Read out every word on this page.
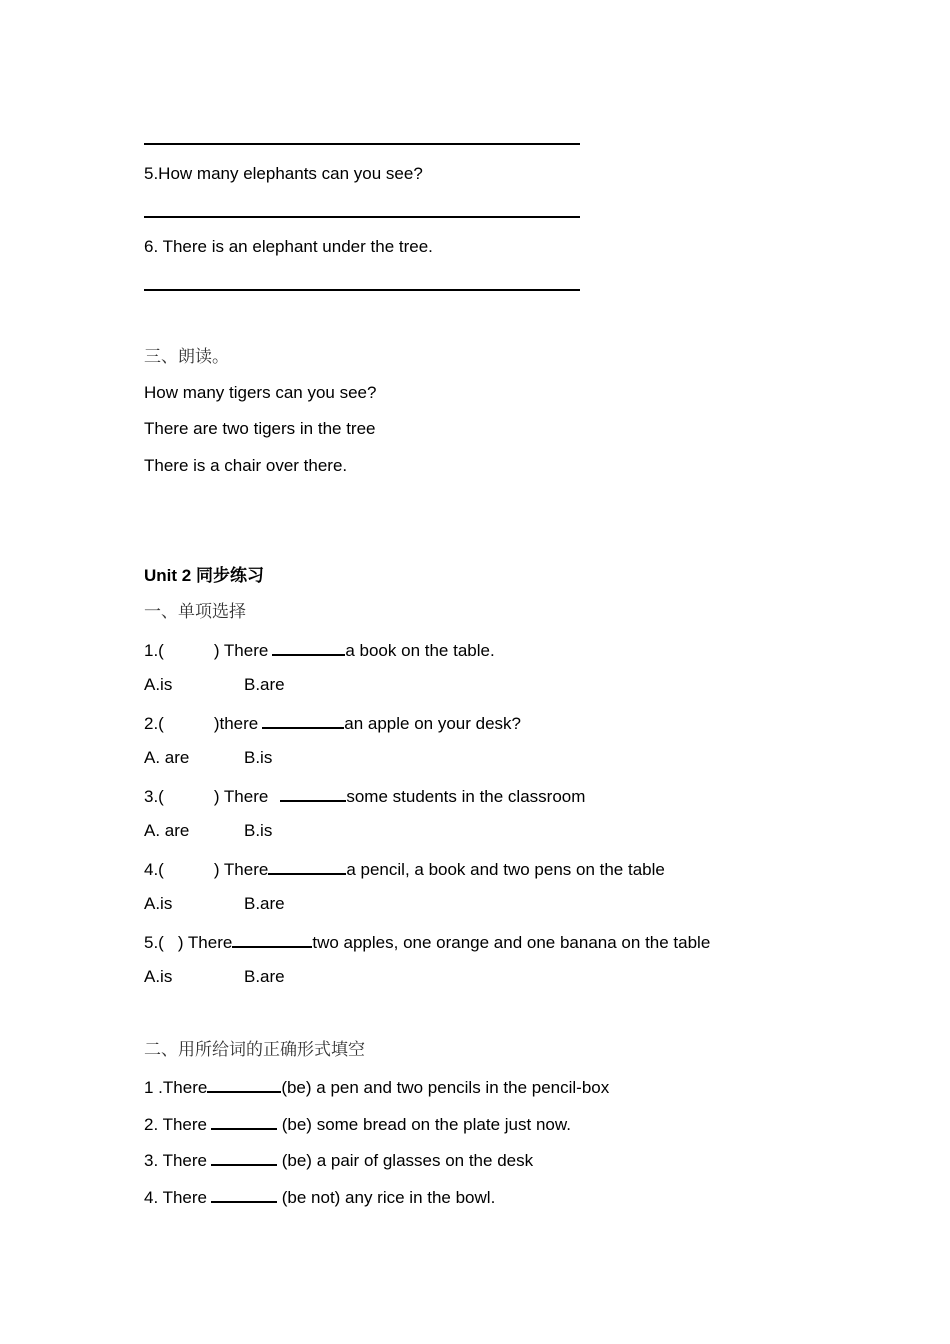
5.How many elephants can you see?
6. There is an elephant under the tree.
三、朗读。
How many tigers can you see?
There are two tigers in the tree
There is a chair over there.
Unit 2 同步练习
一、单项选择
1.(	) There	a book on the table.
A.is	B.are
2.(	)there	an apple on your desk?
A. are	B.is
3.(	) There	some students in the classroom
A. are	B.is
4.(	) There	a pencil, a book and two pens on the table
A.is	B.are
5.( ) There	two apples, one orange and one banana on the table
A.is	B.are
二、用所给词的正确形式填空
1 .There	(be) a pen and two pencils in the pencil-box
2. There	(be) some bread on the plate just now.
3. There	(be) a pair of glasses on the desk
4. There	(be not) any rice in the bowl.
